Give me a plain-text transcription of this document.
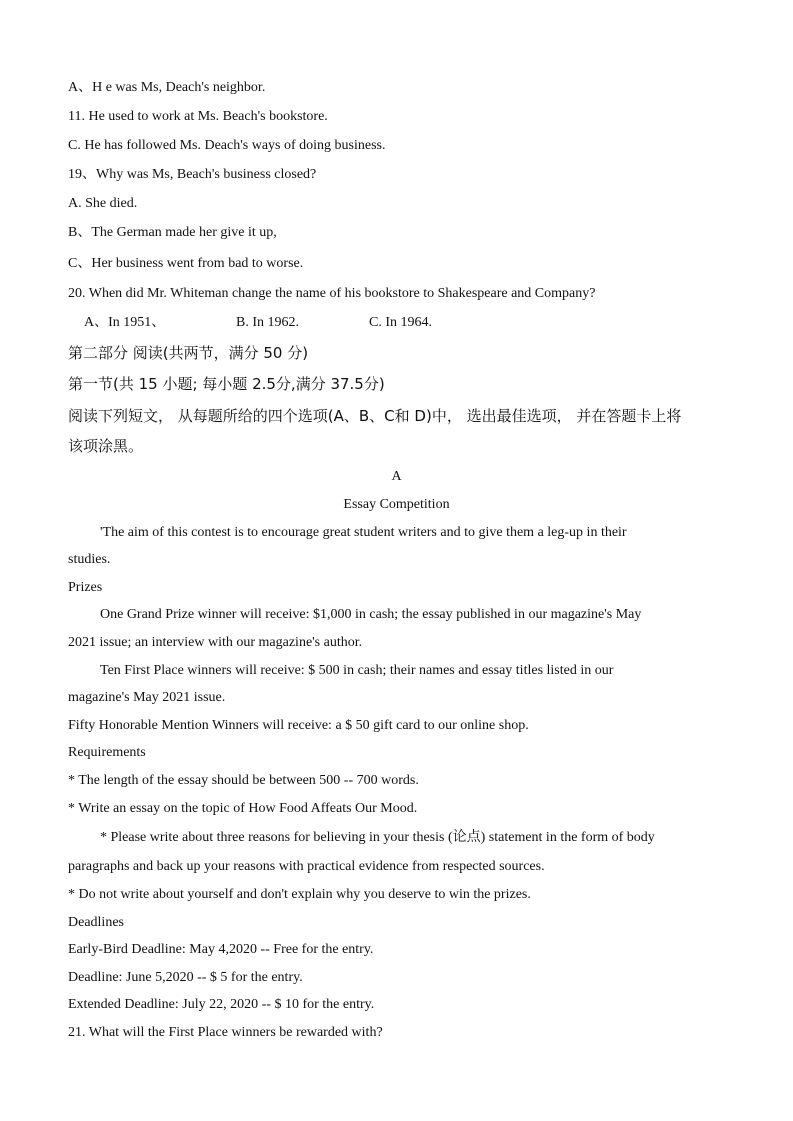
A、H e was Ms, Deach's neighbor.
11. He used to work at Ms. Beach's bookstore.
C. He has followed Ms. Deach's ways of doing business.
19、Why was Ms, Beach's business closed?
A. She died.
B、The German made her give it up,
C、Her business went from bad to worse.
20. When did Mr. Whiteman change the name of his bookstore to Shakespeare and Company?
A、In 1951、	B. In 1962.	C. In 1964.
第二部分 阅读(共两节，满分 50 分)
第一节(共 15 小题; 每小题 2.5分,满分 37.5分)
阅读下列短文， 从每题所给的四个选项(A、B、C和 D)中， 选出最佳选项， 并在答题卡上将
该项涂黑。
A
Essay Competition
'The aim of this contest is to encourage great student writers and to give them a leg-up in their
studies.
Prizes
One Grand Prize winner will receive: $1,000 in cash; the essay published in our magazine's May
2021 issue; an interview with our magazine's author.
Ten First Place winners will receive: $ 500 in cash; their names and essay titles listed in our
magazine's May 2021 issue.
Fifty Honorable Mention Winners will receive: a $ 50 gift card to our online shop.
Requirements
* The length of the essay should be between 500 -- 700 words.
* Write an essay on the topic of How Food Affeats Our Mood.
* Please write about three reasons for believing in your thesis (论点) statement in the form of body
paragraphs and back up your reasons with practical evidence from respected sources.
* Do not write about yourself and don't explain why you deserve to win the prizes.
Deadlines
Early-Bird Deadline: May 4,2020 -- Free for the entry.
Deadline: June 5,2020 -- $ 5 for the entry.
Extended Deadline: July 22, 2020 -- $ 10 for the entry.
21. What will the First Place winners be rewarded with?
